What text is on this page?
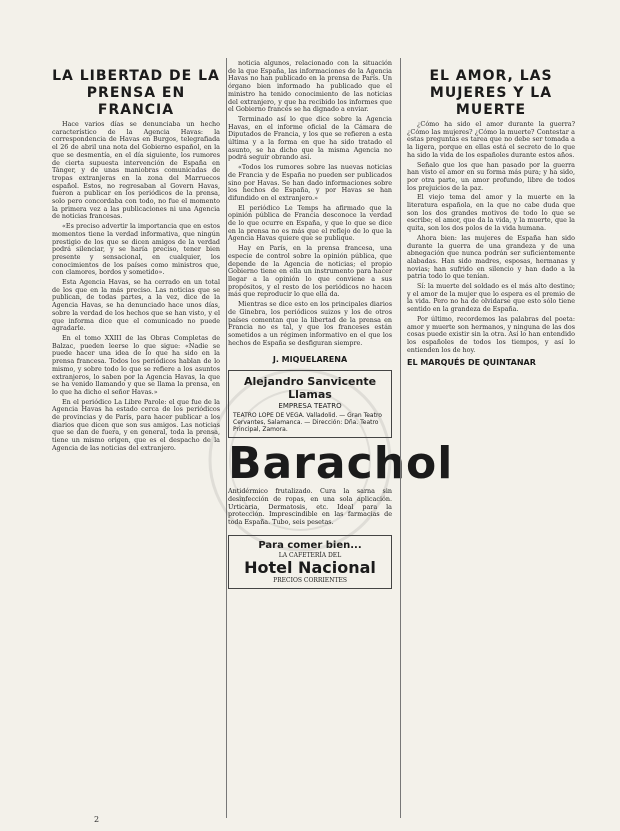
LA LIBERTAD DE LA PRENSA EN FRANCIA

Hace varios días se denunciaba un hecho característico de la Agencia Havas: la correspondencia de Havas en Burgos, telegrafiada el 26 de abril una nota del Gobierno español, en la que se desmentía, en el día siguiente, los rumores de cierta supuesta intervención de España en Tánger, y de unas maniobras comunicadas de tropas extranjeras en la zona del Marruecos español. Estos, no regresaban al Govern Havas, fueron a publicar en los periódicos de la prensa, solo pero concordaba con todo, no fue el momento la primera vez a las publicaciones ni una Agencia de noticias francesas.

«Es preciso advertir la importancia que en estos momentos tiene la verdad informativa, que ningún prestigio de los que se dicen amigos de la verdad podrá silenciar, y se haría preciso, tener bien presente y sensacional, en cualquier, los conocimientos de los países como ministros que, con clamores, bordos y sometido».

Esta Agencia Havas, se ha cerrado en un total de los que en la más preciso. Las noticias que se publican, de todas partes, a la vez, dice de la Agencia Havas, se ha denunciado hace unos días, sobre la verdad de los hechos que se han visto, y el que informa dice que el comunicado no puede agradarle.

En el tomo XXIII de las Obras Completas de Balzac, pueden leerse lo que sigue: «Nadie se puede hacer una idea de lo que ha sido en la prensa francesa. Todos los periódicos hablan de lo mismo, y sobre todo lo que se refiere a los asuntos extranjeros, lo saben por la Agencia Havas, la que se ha venido llamando y que se llama la prensa, en lo que ha dicho el señor Havas.»

En el periódico La Libre Parole: el que fue de la Agencia Havas ha estado cerca de los periódicos de provincias y de París, para hacer publicar a los diarios que dicen que son sus amigos. Las noticias que se dan de fuera, y en general, toda la prensa, tiene un mismo origen, que es el despacho de la Agencia de las noticias del extranjero.

noticia algunos, relacionado con la situación de la que España, las informaciones de la Agencia Havas no han publicado en la prensa de París. Un órgano bien informado ha publicado que el ministro ha tenido conocimiento de las noticias del extranjero, y que ha recibido los informes que el Gobierno francés se ha dignado a enviar.

Terminado así lo que dice sobre la Agencia Havas, en el informe oficial de la Cámara de Diputados de Francia, y los que se refieren a esta última y a la forma en que ha sido tratado el asunto, se ha dicho que la misma Agencia no podrá seguir obrando así.

«Todos los rumores sobre las nuevas noticias de Francia y de España no pueden ser publicados sino por Havas. Se han dado informaciones sobre los hechos de España, y por Havas se han difundido en el extranjero.»

El periódico Le Temps ha afirmado que la opinión pública de Francia desconoce la verdad de lo que ocurre en España, y que lo que se dice en la prensa no es más que el reflejo de lo que la Agencia Havas quiere que se publique.

Hay en París, en la prensa francesa, una especie de control sobre la opinión pública, que depende de la Agencia de noticias; el propio Gobierno tiene en ella un instrumento para hacer llegar a la opinión lo que conviene a sus propósitos, y el resto de los periódicos no hacen más que reproducir lo que ella da.

Mientras se dice esto en los principales diarios de Ginebra, los periódicos suizos y los de otros países comentan que la libertad de la prensa en Francia no es tal, y que los franceses están sometidos a un régimen informativo en el que los hechos de España se desfiguran siempre.

J. MIQUELARENA
Alejandro Sanvicente Llamas
EMPRESA TEATRO
TEATRO LOPE DE VEGA. Valladolid. — Gran Teatro Cervantes, Salamanca. — Dirección: Dña. Teatro Principal, Zamora.
Barachol
Antidérmico frutalizado. Cura la sarna sin desinfección de ropas, en una sola aplicación. Urticaria, Dermatosis, etc. Ideal para la protección. Imprescindible en las farmacias de toda España. Tubo, seis pesetas.
Para comer bien...
LA CAFETERÍA DEL
Hotel Nacional
PRECIOS CORRIENTES
EL AMOR, LAS MUJERES Y LA MUERTE

¿Cómo ha sido el amor durante la guerra? ¿Cómo las mujeres? ¿Cómo la muerte? Contestar a estas preguntas es tarea que no debe ser tomada a la ligera, porque en ellas está el secreto de lo que ha sido la vida de los españoles durante estos años.

Señalo que los que han pasado por la guerra han visto el amor en su forma más pura; y ha sido, por otra parte, un amor profundo, libre de todos los prejuicios de la paz.

El viejo tema del amor y la muerte en la literatura española, en la que no cabe duda que son los dos grandes motivos de todo lo que se escribe; el amor, que da la vida, y la muerte, que la quita, son los dos polos de la vida humana.

Ahora bien: las mujeres de España han sido durante la guerra de una grandeza y de una abnegación que nunca podrán ser suficientemente alabadas. Han sido madres, esposas, hermanas y novias; han sufrido en silencio y han dado a la patria todo lo que tenían.

Sí: la muerte del soldado es el más alto destino; y el amor de la mujer que lo espera es el premio de la vida. Pero no ha de olvidarse que esto sólo tiene sentido en la grandeza de España.

Por último, recordemos las palabras del poeta: amor y muerte son hermanos, y ninguna de las dos cosas puede existir sin la otra. Así lo han entendido los españoles de todos los tiempos, y así lo entienden los de hoy.

EL MARQUÉS DE QUINTANAR
2
